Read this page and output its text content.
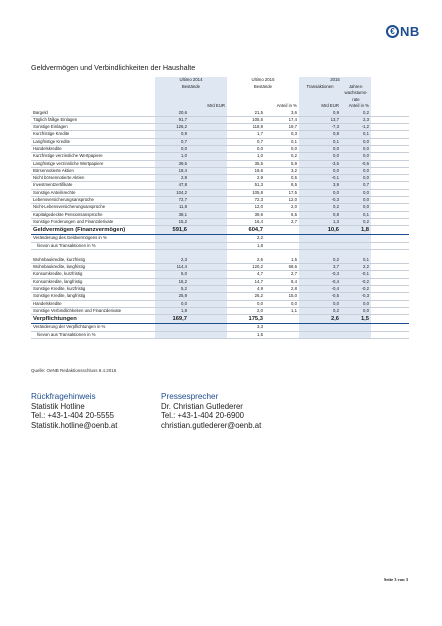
€ NB
Geldvermögen und Verbindlichkeiten der Haushalte
	Ultimo 2014		Ultimo 2015		2015		
	Bestände		Bestände		Transaktionen	Jahres-	
						wachstums-	
						rate	
	Mrd EUR		Anteil in %		Mrd EUR	Anteil in %	
Bargeld	20,6		21,5	3,6	0,9	0,2	
Täglich fällige Einlagen	91,7		105,5	17,4	13,7	2,3	
Sonstige Einlagen	126,2		118,9	19,7	-7,3	-1,2	
Kurzfristige Kredite	0,9		1,7	0,3	0,8	0,1	
Langfristige Kredite	0,7		0,7	0,1	0,1	0,0	
Handelskredite	0,0		0,0	0,0	0,0	0,0	
Kurzfristige verzinsliche Wertpapiere	1,0		1,0	0,2	0,0	0,0	
Langfristige verzinsliche Wertpapiere	39,5		35,5	5,9	-3,5	-0,6	
Börsennotierte Aktien	18,4		19,6	3,2	0,0	0,0	
Nicht börsennotierte Aktien	2,9		2,9	0,5	-0,1	0,0	
Investmentzertifikate	47,8		51,3	8,5	3,9	0,7	
Sonstige Anteilsrechte	104,2		105,8	17,5	0,0	0,0	
Lebensversicherungsansprüche	72,7		72,3	12,0	-0,3	0,0	
Nicht-Lebensversicherungsansprüche	11,8		12,0	2,0	0,2	0,0	
Kapitalgedeckte Pensionsansprüche	38,1		39,6	6,5	0,8	0,1	
Sonstige Forderungen und Finanzderivate	15,2		16,4	2,7	1,3	0,2	
Geldvermögen (Finanzvermögen)	591,6		604,7		10,6	1,8	
Veränderung des Geldvermögens in %			2,2				
hievon aus Transaktionen in %			1,8				

Wohnbaukredite, kurzfristig	2,3		2,6	1,5	0,2	0,1	
Wohnbaukredite, langfristig	114,4		120,2	68,6	3,7	2,2	
Konsumkredite, kurzfristig	5,0		4,7	2,7	-0,3	-0,1	
Konsumkredite, langfristig	15,2		14,7	8,4	-0,4	-0,2	
Sonstige Kredite, kurzfristig	5,2		4,9	2,8	-0,4	-0,2	
Sonstige Kredite, langfristig	25,9		26,2	15,0	-0,5	-0,3	
Handelskredite	0,0		0,0	0,0	0,0	0,0	
Sonstige Verbindlichkeiten und Finanzderivate	1,8		2,0	1,1	0,2	0,0	
Verpflichtungen	169,7		175,3		2,6	1,5	
Veränderung der Verpflichtungen in %			3,3				
hievon aus Transaktionen in %			1,5				
Quelle: OeNB Redaktionsschluss 8.4.2016
Rückfragehinweis
Statistik Hotline
Tel.: +43-1-404 20-5555
Statistik.hotline@oenb.at
Pressesprecher
Dr. Christian Gutlederer
Tel.: +43-1-404 20-6900
christian.gutlederer@oenb.at
Seite 3 von 3
